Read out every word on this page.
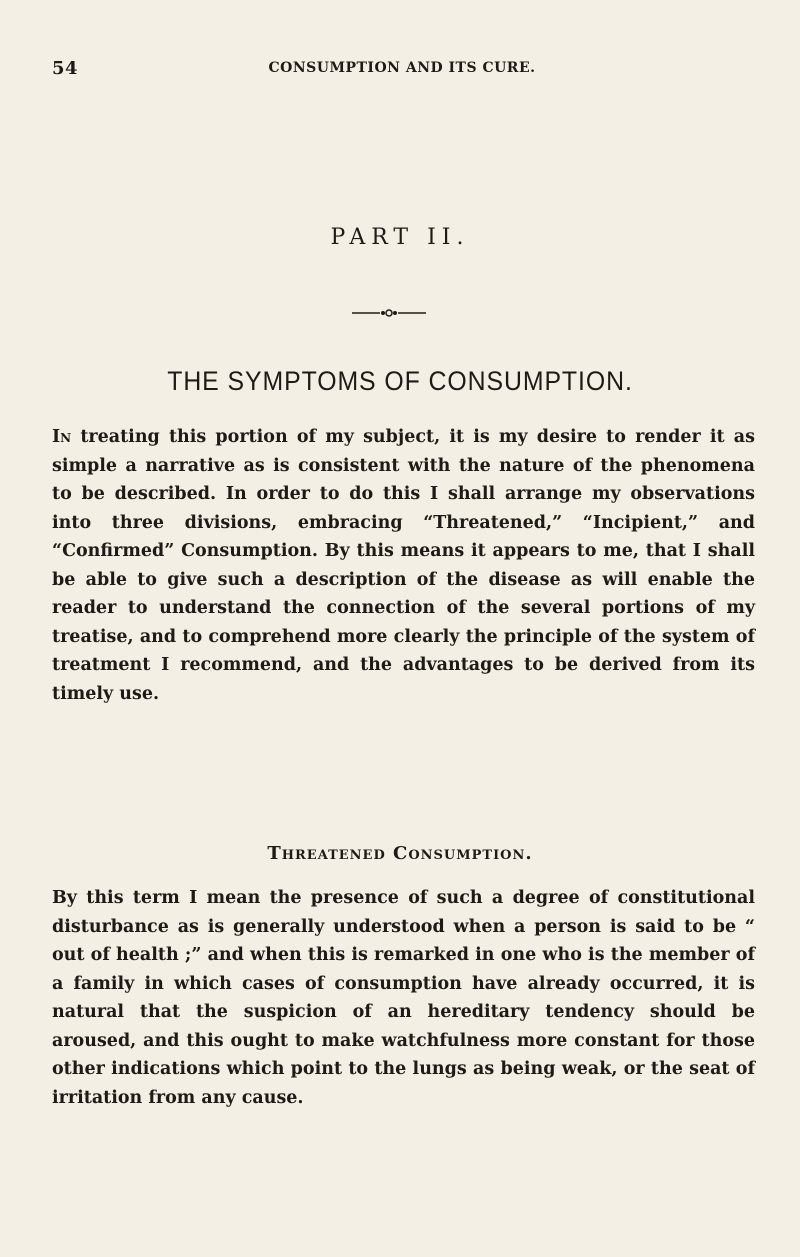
54	CONSUMPTION AND ITS CURE.
PART II.
THE SYMPTOMS OF CONSUMPTION.

In treating this portion of my subject, it is my desire to render it as simple a narrative as is consistent with the nature of the phenomena to be described. In order to do this I shall arrange my observations into three divisions, embracing “Threatened,” “Incipient,” and “Confirmed” Consumption. By this means it appears to me, that I shall be able to give such a description of the disease as will enable the reader to understand the connection of the several portions of my treatise, and to comprehend more clearly the principle of the system of treatment I recommend, and the advantages to be derived from its timely use.

Threatened Consumption.

By this term I mean the presence of such a degree of constitutional disturbance as is generally understood when a person is said to be “ out of health ;” and when this is remarked in one who is the member of a family in which cases of consumption have already occurred, it is natural that the suspicion of an hereditary tendency should be aroused, and this ought to make watchfulness more constant for those other indications which point to the lungs as being weak, or the seat of irritation from any cause.
